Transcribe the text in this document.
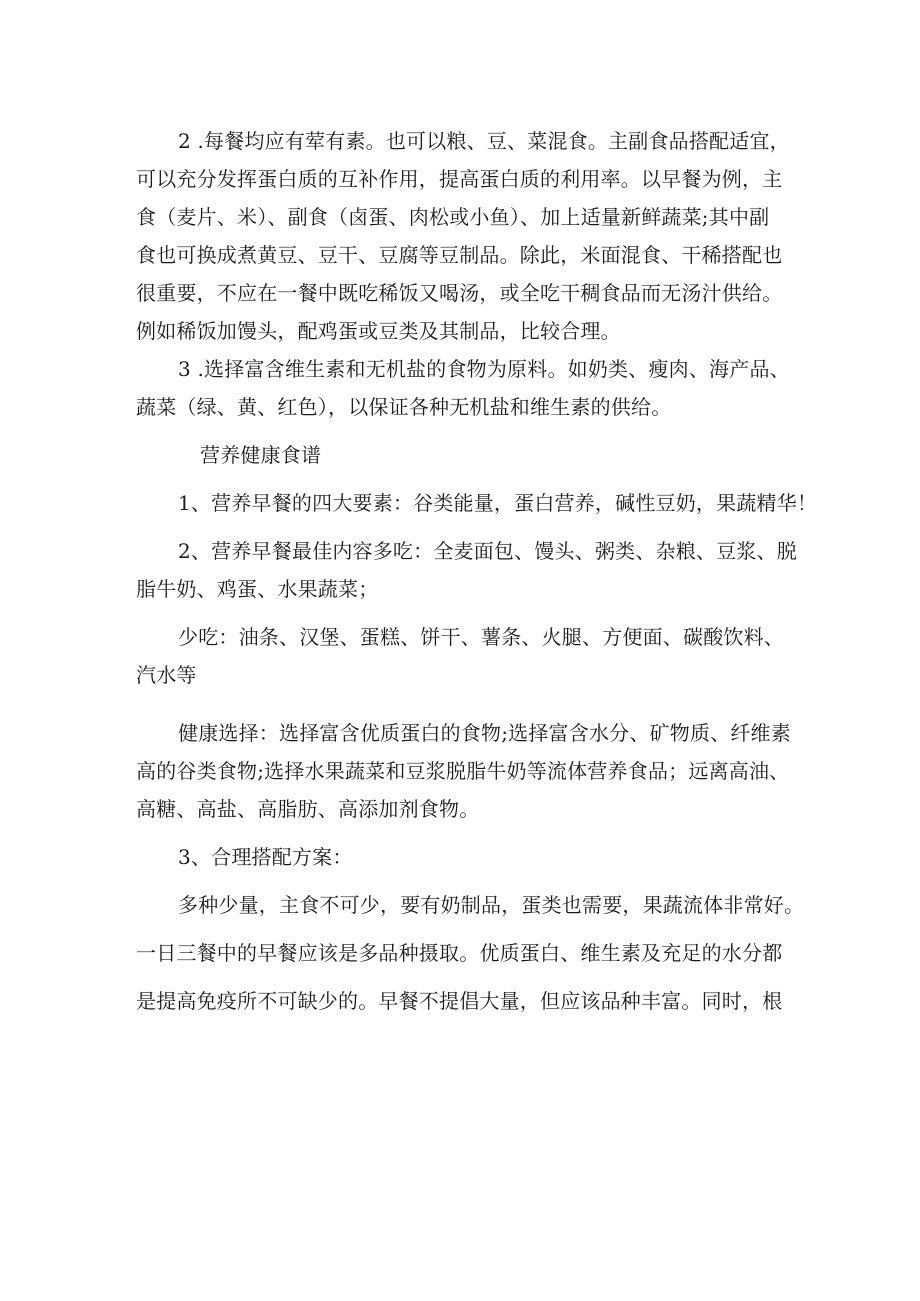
2 .每餐均应有荤有素。也可以粮、豆、菜混食。主副食品搭配适宜，
可以充分发挥蛋白质的互补作用，提高蛋白质的利用率。以早餐为例，主
食（麦片、米）、副食（卤蛋、肉松或小鱼）、加上适量新鲜蔬菜;其中副
食也可换成煮黄豆、豆干、豆腐等豆制品。除此，米面混食、干稀搭配也
很重要，不应在一餐中既吃稀饭又喝汤，或全吃干稠食品而无汤汁供给。
例如稀饭加馒头，配鸡蛋或豆类及其制品，比较合理。
3 .选择富含维生素和无机盐的食物为原料。如奶类、瘦肉、海产品、
蔬菜（绿、黄、红色），以保证各种无机盐和维生素的供给。
营养健康食谱
1、营养早餐的四大要素：谷类能量，蛋白营养，碱性豆奶，果蔬精华！
2、营养早餐最佳内容多吃：全麦面包、馒头、粥类、杂粮、豆浆、脱
脂牛奶、鸡蛋、水果蔬菜；
少吃：油条、汉堡、蛋糕、饼干、薯条、火腿、方便面、碳酸饮料、
汽水等
健康选择：选择富含优质蛋白的食物;选择富含水分、矿物质、纤维素
高的谷类食物;选择水果蔬菜和豆浆脱脂牛奶等流体营养食品；远离高油、
高糖、高盐、高脂肪、高添加剂食物。
3、合理搭配方案：
多种少量，主食不可少，要有奶制品，蛋类也需要，果蔬流体非常好。
一日三餐中的早餐应该是多品种摄取。优质蛋白、维生素及充足的水分都
是提高免疫所不可缺少的。早餐不提倡大量，但应该品种丰富。同时，根
